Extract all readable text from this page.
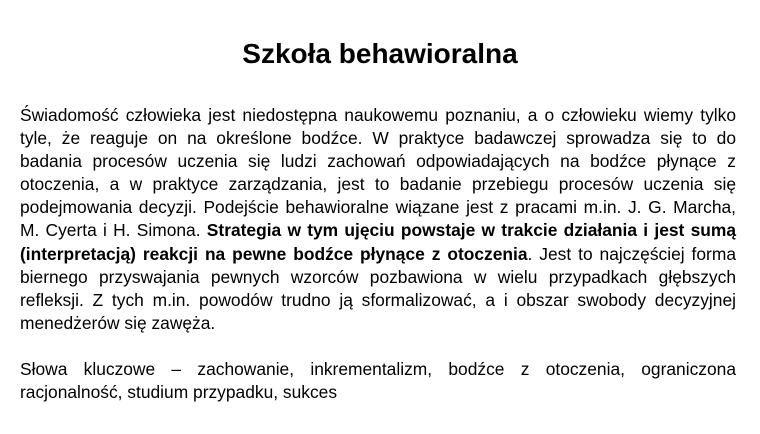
Szkoła behawioralna

Świadomość człowieka jest niedostępna naukowemu poznaniu, a o człowieku wiemy tylko tyle, że reaguje on na określone bodźce. W praktyce badawczej sprowadza się to do badania procesów uczenia się ludzi zachowań odpowiadających na bodźce płynące z otoczenia, a w praktyce zarządzania, jest to badanie przebiegu procesów uczenia się podejmowania decyzji. Podejście behawioralne wiązane jest z pracami m.in. J. G. Marcha, M. Cyerta i H. Simona. Strategia w tym ujęciu powstaje w trakcie działania i jest sumą (interpretacją) reakcji na pewne bodźce płynące z otoczenia. Jest to najczęściej forma biernego przyswajania pewnych wzorców pozbawiona w wielu przypadkach głębszych refleksji. Z tych m.in. powodów trudno ją sformalizować, a i obszar swobody decyzyjnej menedżerów się zawęża.

Słowa kluczowe – zachowanie, inkrementalizm, bodźce z otoczenia, ograniczona racjonalność, studium przypadku, sukces
